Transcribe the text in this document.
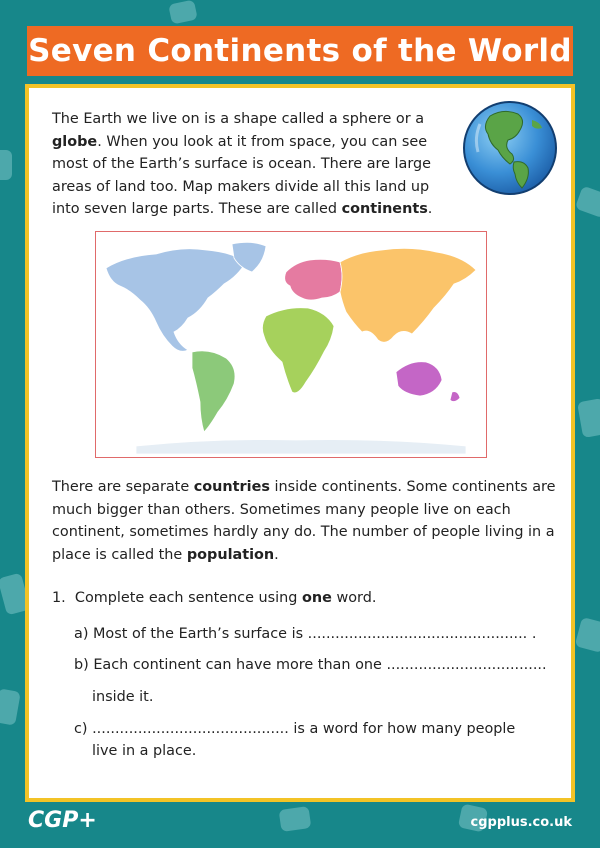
Seven Continents of the World

The Earth we live on is a shape called a sphere or a globe. When you look at it from space, you can see most of the Earth’s surface is ocean. There are large areas of land too. Map makers divide all this land up into seven large parts. These are called continents.

There are separate countries inside continents. Some continents are much bigger than others. Sometimes many people live on each continent, sometimes hardly any do. The number of people living in a place is called the population.

1. Complete each sentence using one word.
a) Most of the Earth’s surface is ................................................ .
b) Each continent can have more than one ...................................
inside it.
c) ........................................... is a word for how many people
live in a place.
CGP+	cgpplus.co.uk
